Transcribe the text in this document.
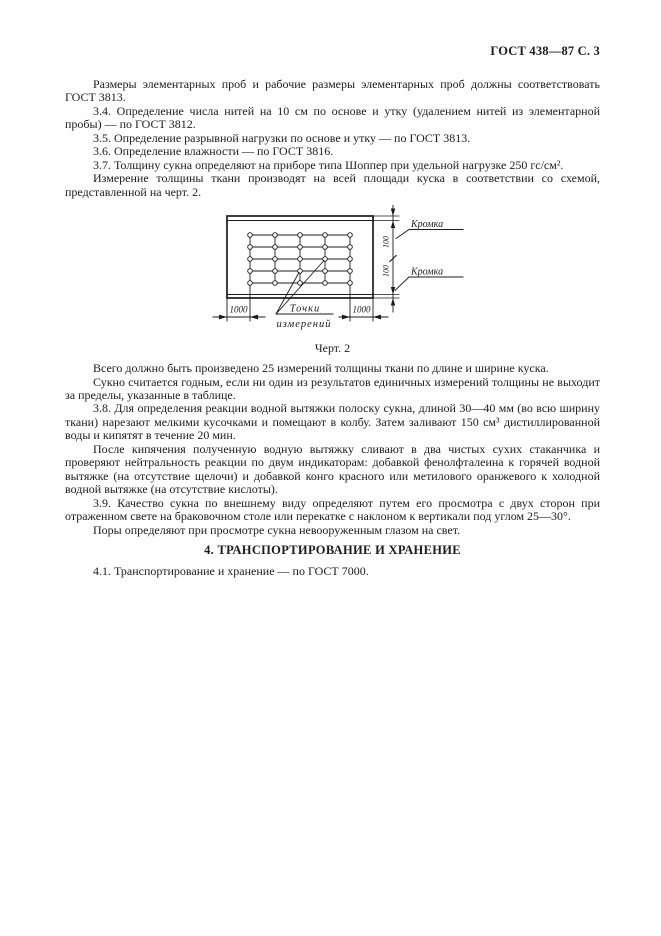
ГОСТ 438—87 С. 3

Размеры элементарных проб и рабочие размеры элементарных проб должны соответствовать ГОСТ 3813.

3.4. Определение числа нитей на 10 см по основе и утку (удалением нитей из элементарной пробы) — по ГОСТ 3812.

3.5. Определение разрывной нагрузки по основе и утку — по ГОСТ 3813.

3.6. Определение влажности — по ГОСТ 3816.

3.7. Толщину сукна определяют на приборе типа Шоппер при удельной нагрузке 250 гс/см².

Измерение толщины ткани производят на всей площади куска в соответствии со схемой, представленной на черт. 2.

Кромка
Кромка
100
100
1000	1000
Точки
измерений
Черт. 2

Всего должно быть произведено 25 измерений толщины ткани по длине и ширине куска.

Сукно считается годным, если ни один из результатов единичных измерений толщины не выходит за пределы, указанные в таблице.

3.8. Для определения реакции водной вытяжки полоску сукна, длиной 30—40 мм (во всю ширину ткани) нарезают мелкими кусочками и помещают в колбу. Затем заливают 150 см³ дистиллированной воды и кипятят в течение 20 мин.

После кипячения полученную водную вытяжку сливают в два чистых сухих стаканчика и проверяют нейтральность реакции по двум индикаторам: добавкой фенолфталеина к горячей водной вытяжке (на отсутствие щелочи) и добавкой конго красного или метилового оранжевого к холодной водной вытяжке (на отсутствие кислоты).

3.9. Качество сукна по внешнему виду определяют путем его просмотра с двух сторон при отраженном свете на браковочном столе или перекатке с наклоном к вертикали под углом 25—30°.

Поры определяют при просмотре сукна невооруженным глазом на свет.

4. ТРАНСПОРТИРОВАНИЕ И ХРАНЕНИЕ

4.1. Транспортирование и хранение — по ГОСТ 7000.
